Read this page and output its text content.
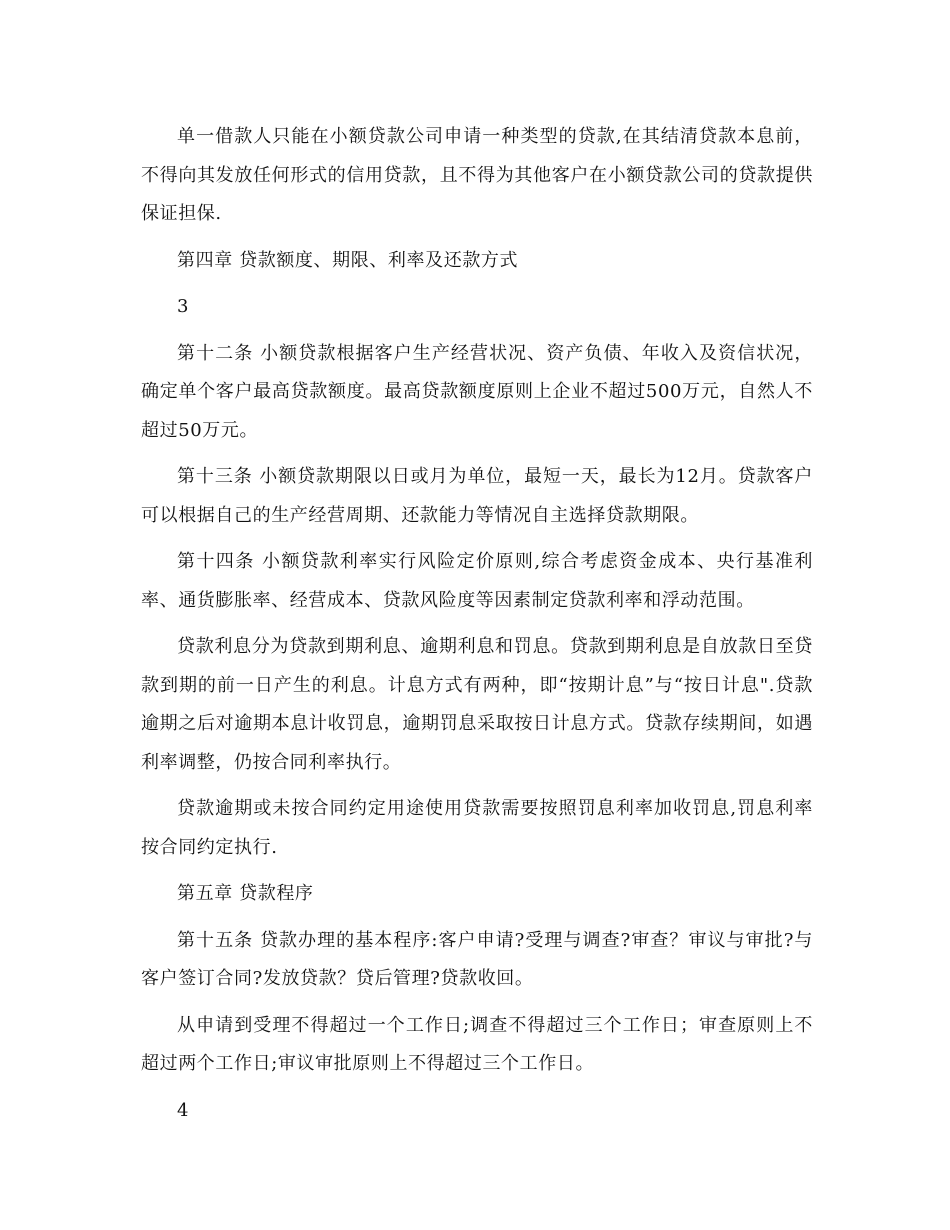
单一借款人只能在小额贷款公司申请一种类型的贷款,在其结清贷款本息前，不得向其发放任何形式的信用贷款，且不得为其他客户在小额贷款公司的贷款提供保证担保.

第四章 贷款额度、期限、利率及还款方式

3

第十二条 小额贷款根据客户生产经营状况、资产负债、年收入及资信状况，确定单个客户最高贷款额度。最高贷款额度原则上企业不超过500万元，自然人不超过50万元。

第十三条 小额贷款期限以日或月为单位，最短一天，最长为12月。贷款客户可以根据自己的生产经营周期、还款能力等情况自主选择贷款期限。

第十四条 小额贷款利率实行风险定价原则,综合考虑资金成本、央行基准利率、通货膨胀率、经营成本、贷款风险度等因素制定贷款利率和浮动范围。

贷款利息分为贷款到期利息、逾期利息和罚息。贷款到期利息是自放款日至贷款到期的前一日产生的利息。计息方式有两种，即“按期计息”与“按日计息".贷款逾期之后对逾期本息计收罚息，逾期罚息采取按日计息方式。贷款存续期间，如遇利率调整，仍按合同利率执行。

贷款逾期或未按合同约定用途使用贷款需要按照罚息利率加收罚息,罚息利率按合同约定执行.

第五章 贷款程序

第十五条 贷款办理的基本程序:客户申请?受理与调查?审查？审议与审批?与客户签订合同?发放贷款？贷后管理?贷款收回。

从申请到受理不得超过一个工作日;调查不得超过三个工作日；审查原则上不超过两个工作日;审议审批原则上不得超过三个工作日。

4
